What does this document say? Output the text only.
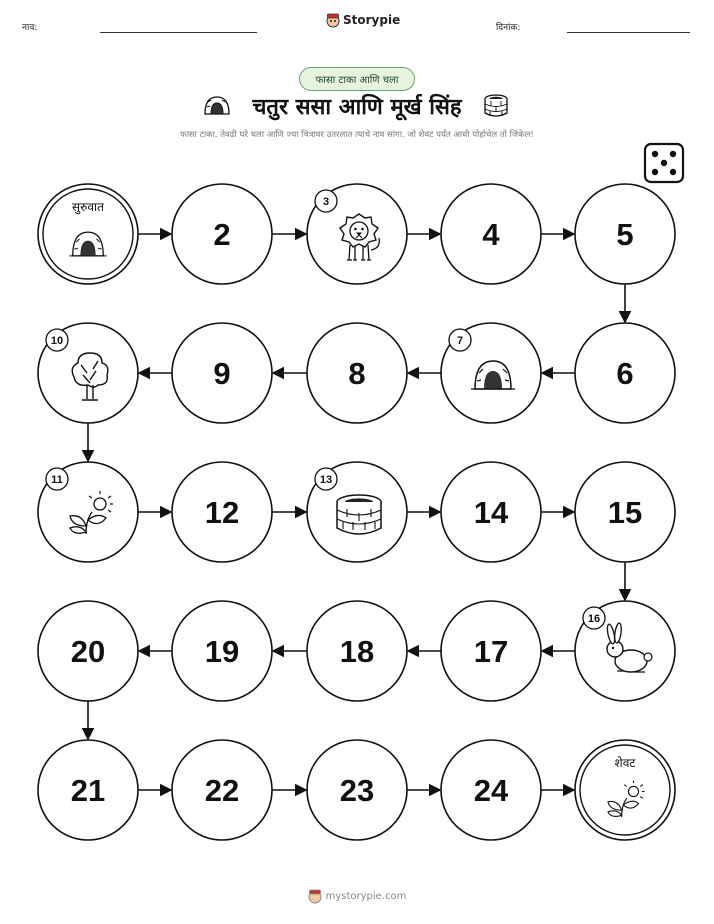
नाव:
Storypie
दिनांक:
फासा टाका आणि चला
चतुर ससा आणि मूर्ख सिंह
फासा टाका, तेवढी घरे चला आणि ज्या चित्रावर उतरलात त्याचे नाव सांगा. जो शेवट पर्यंत आधी पोहोचेल तो जिंकेल!
सुरुवात
2
3
4	5
6
7
8
9
10
11
12
13
14	15
16
17
18
19
20
21	22	23	24
शेवट
mystorypie.com
